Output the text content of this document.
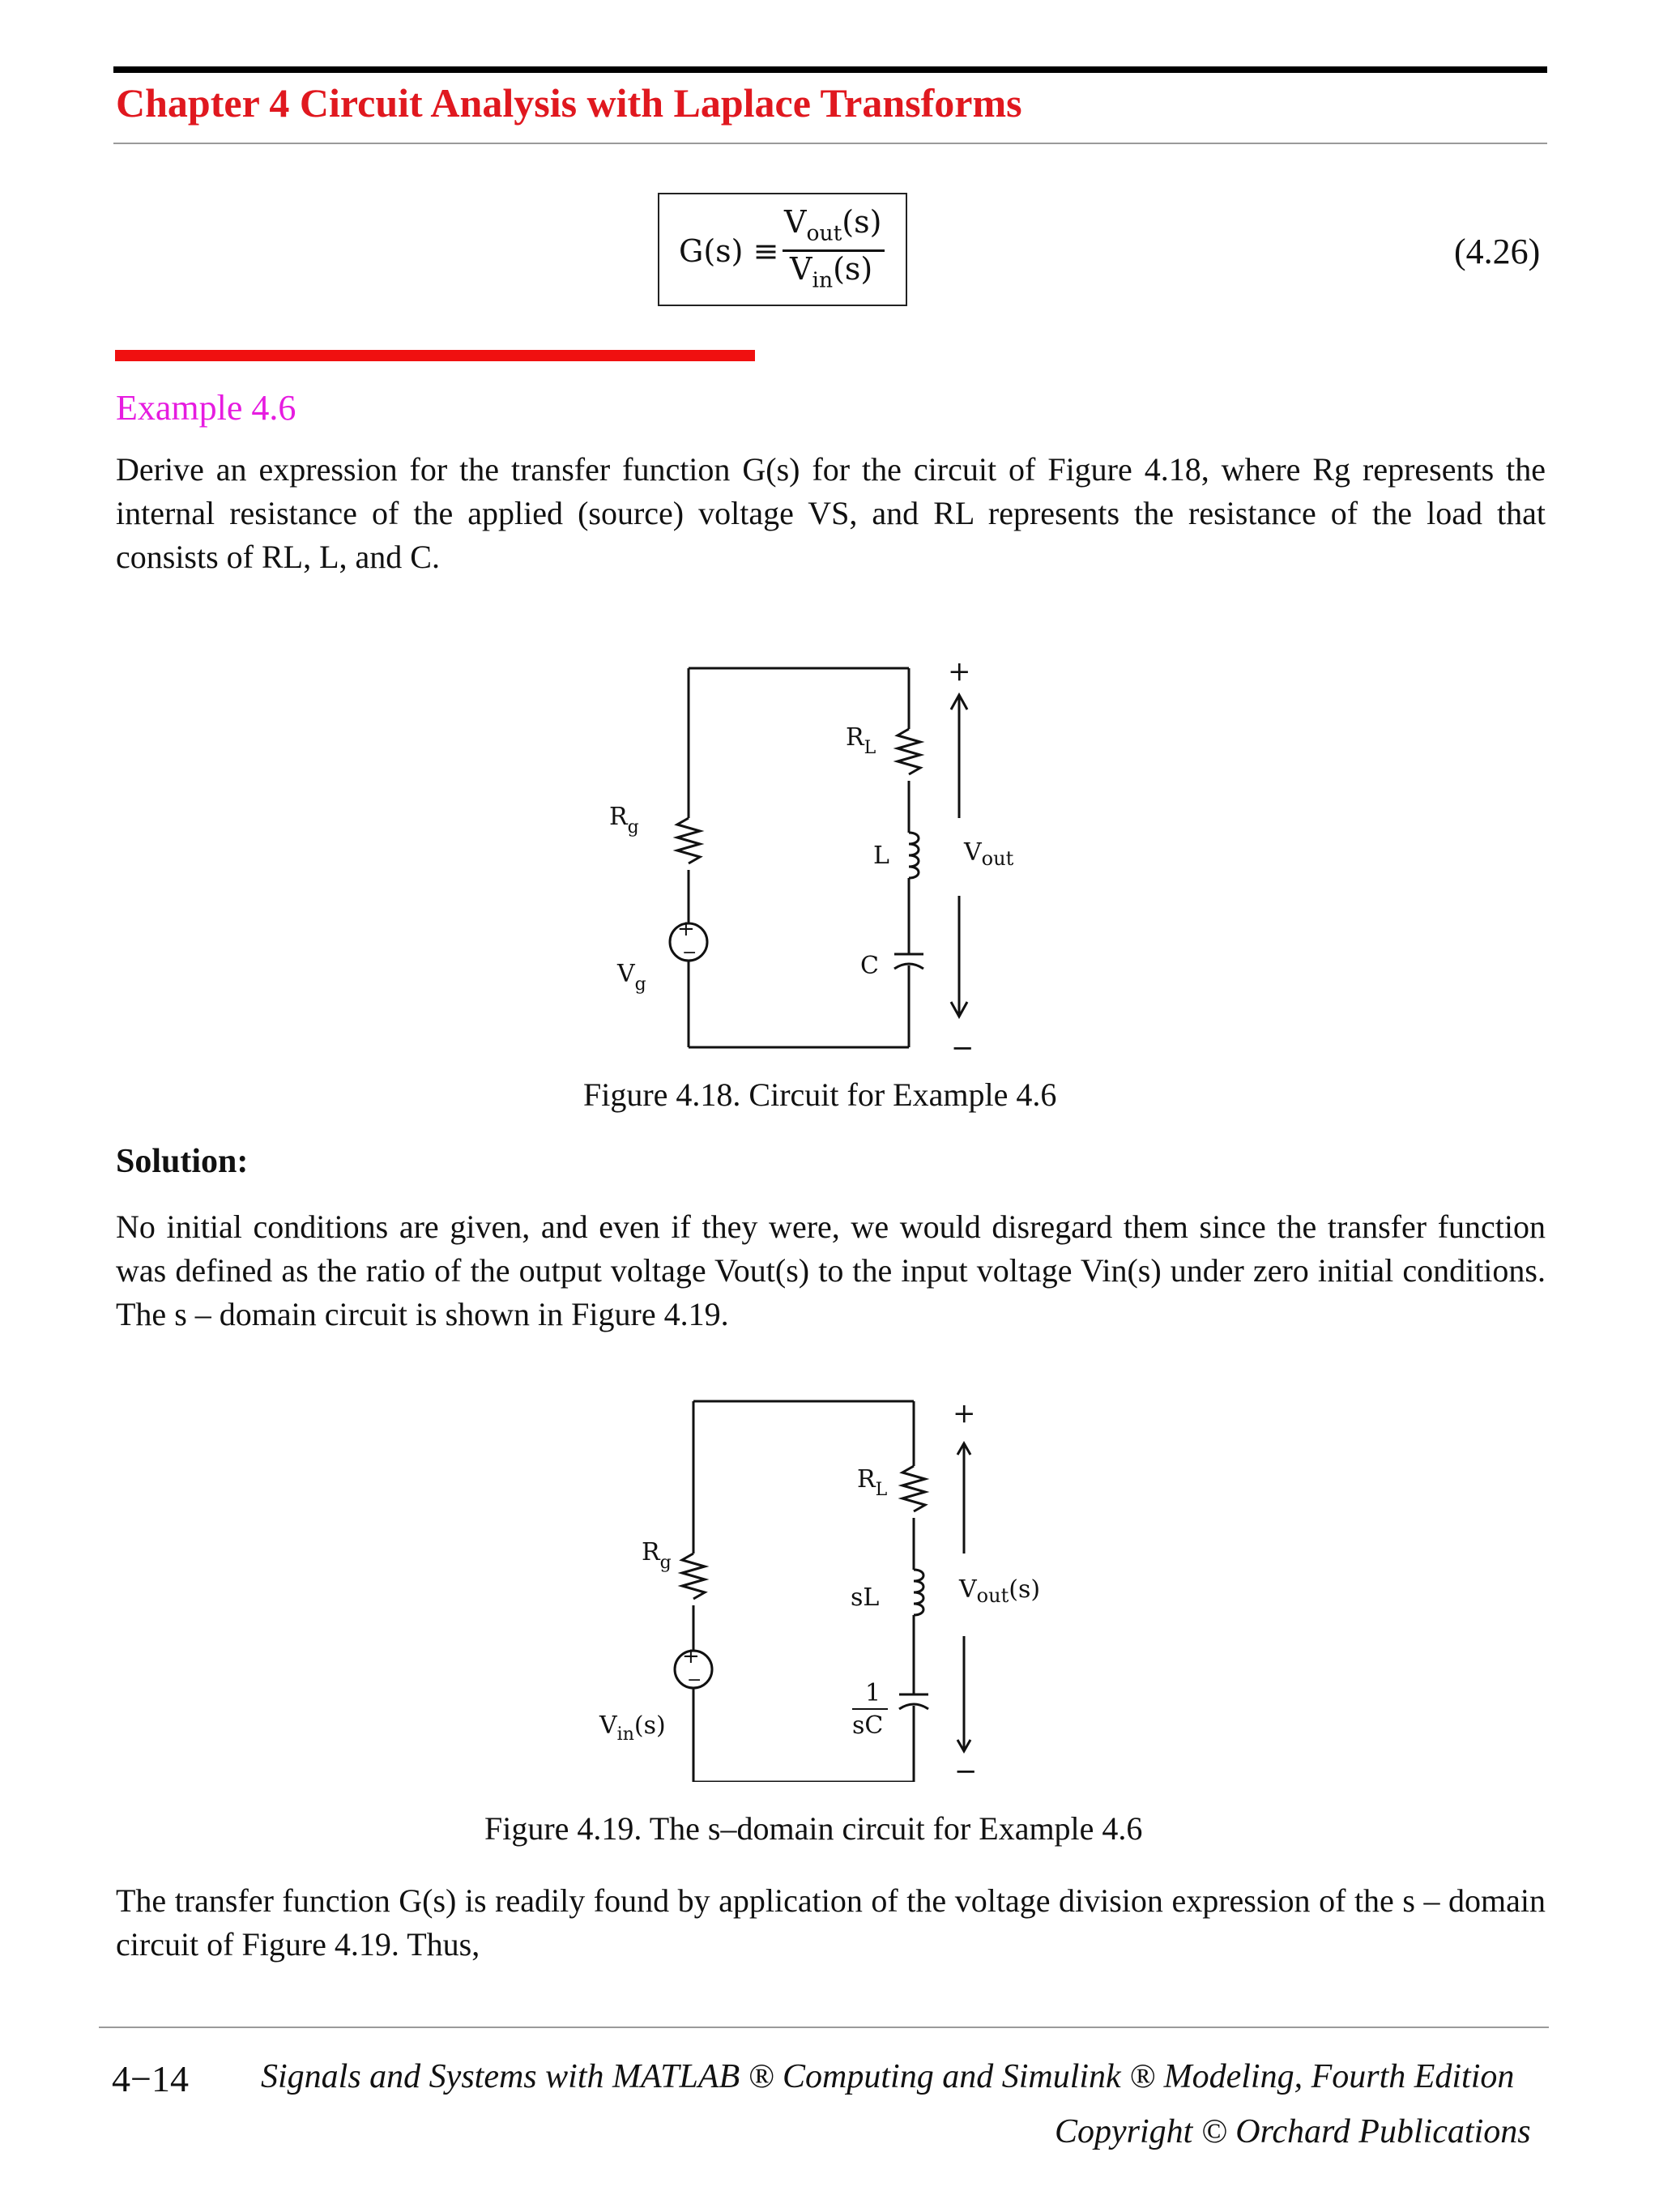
Chapter 4 Circuit Analysis with Laplace Transforms
G(s) ≡
$V_{out}(s)$
$V_{in}(s)$	(4.26)
Example 4.6
Derive an expression for the transfer function G(s) for the circuit of Figure 4.18, where Rg represents the internal resistance of the applied (source) voltage VS, and RL represents the resistance of the load that consists of RL, L, and C.
+
−
$R_g$
$V_g$
$R_L$
L
C
+
−
$V_{out}$
Figure 4.18. Circuit for Example 4.6
Solution:
No initial conditions are given, and even if they were, we would disregard them since the transfer function was defined as the ratio of the output voltage Vout(s) to the input voltage Vin(s) under zero initial conditions. The s – domain circuit is shown in Figure 4.19.
+
−
$R_g$
$V_{in}(s)$
$R_L$
sL
1
sC
+
−
$V_{out}(s)$
Figure 4.19. The s–domain circuit for Example 4.6
The transfer function G(s) is readily found by application of the voltage division expression of the s – domain circuit of Figure 4.19. Thus,
4−14 Signals and Systems with MATLAB ® Computing and Simulink ® Modeling, Fourth Edition
Copyright © Orchard Publications
